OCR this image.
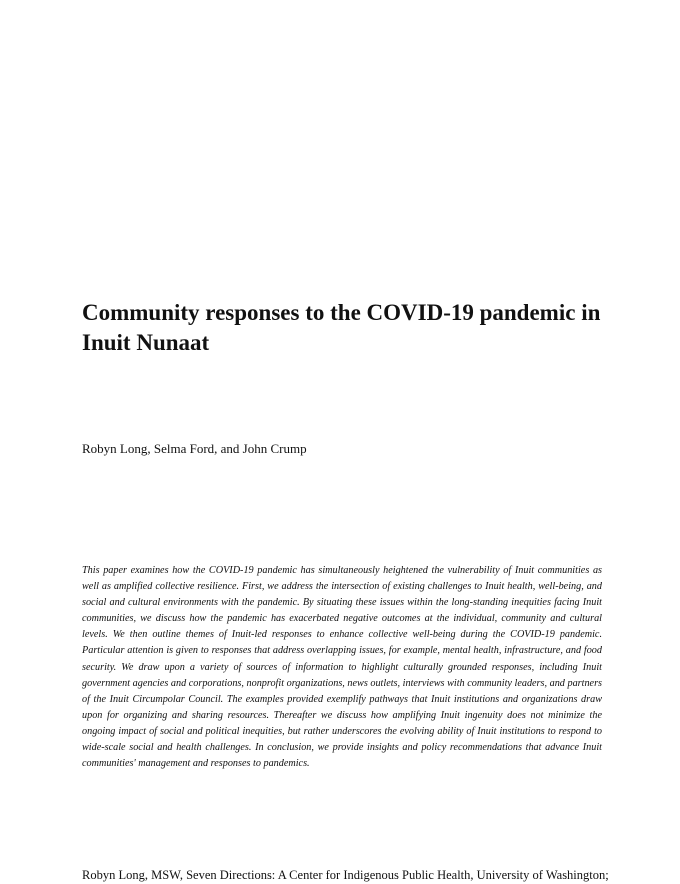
Community responses to the COVID-19 pandemic in Inuit Nunaat

Robyn Long, Selma Ford, and John Crump

This paper examines how the COVID-19 pandemic has simultaneously heightened the vulnerability of Inuit communities as well as amplified collective resilience. First, we address the intersection of existing challenges to Inuit health, well-being, and social and cultural environments with the pandemic. By situating these issues within the long-standing inequities facing Inuit communities, we discuss how the pandemic has exacerbated negative outcomes at the individual, community and cultural levels. We then outline themes of Inuit-led responses to enhance collective well-being during the COVID-19 pandemic. Particular attention is given to responses that address overlapping issues, for example, mental health, infrastructure, and food security. We draw upon a variety of sources of information to highlight culturally grounded responses, including Inuit government agencies and corporations, nonprofit organizations, news outlets, interviews with community leaders, and partners of the Inuit Circumpolar Council. The examples provided exemplify pathways that Inuit institutions and organizations draw upon for organizing and sharing resources. Thereafter we discuss how amplifying Inuit ingenuity does not minimize the ongoing impact of social and political inequities, but rather underscores the evolving ability of Inuit institutions to respond to wide-scale social and health challenges. In conclusion, we provide insights and policy recommendations that advance Inuit communities' management and responses to pandemics.

Robyn Long, MSW, Seven Directions: A Center for Indigenous Public Health, University of Washington;
